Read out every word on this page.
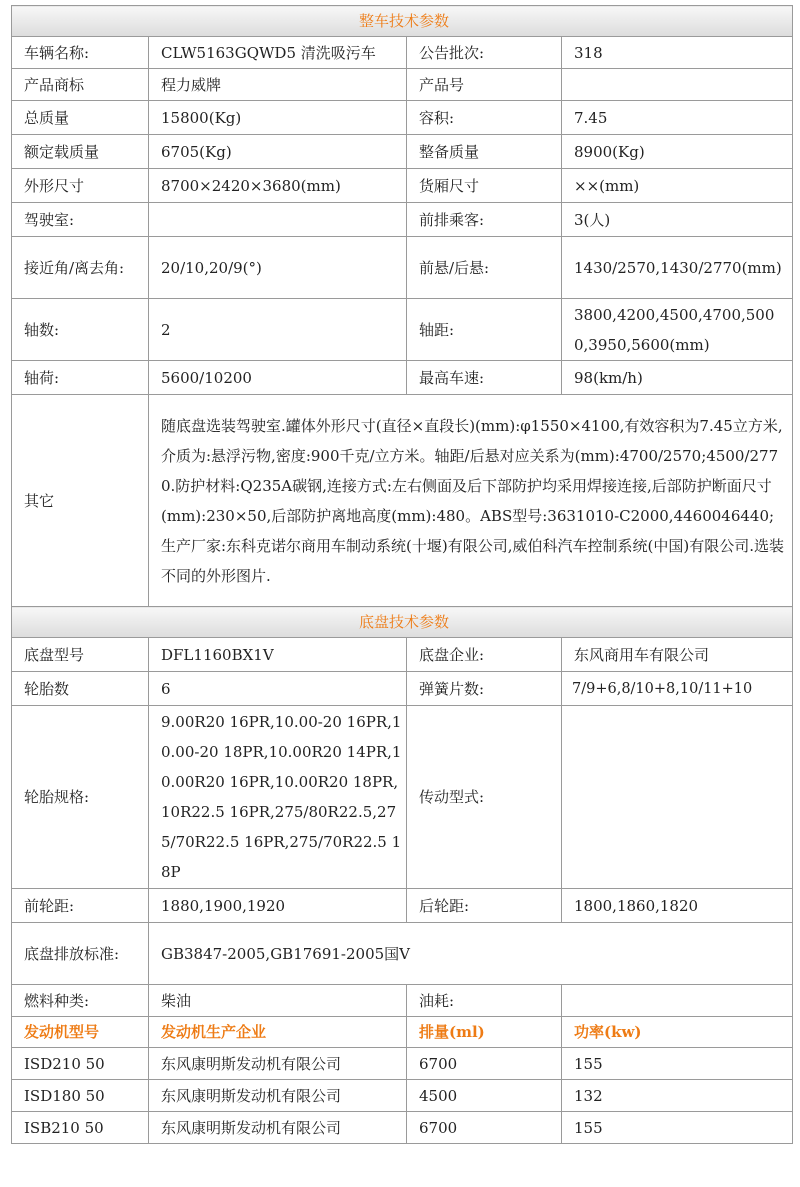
整车技术参数			
车辆名称:	CLW5163GQWD5 清洗吸污车	公告批次:	318
产品商标	程力威牌	产品号	
总质量	15800(Kg)	容积:	7.45
额定载质量	6705(Kg)	整备质量	8900(Kg)
外形尺寸	8700×2420×3680(mm)	货厢尺寸	××(mm)
驾驶室:		前排乘客:	3(人)
接近角/离去角:	20/10,20/9(°)	前悬/后悬:	1430/2570,1430/2770(mm)
轴数:	2	轴距:	3800,4200,4500,4700,5000,3950,5600(mm)
轴荷:	5600/10200	最高车速:	98(km/h)
其它	随底盘选装驾驶室.罐体外形尺寸(直径×直段长)(mm):φ1550×4100,有效容积为7.45立方米,介质为:悬浮污物,密度:900千克/立方米。轴距/后悬对应关系为(mm):4700/2570;4500/2770.防护材料:Q235A碳钢,连接方式:左右侧面及后下部防护均采用焊接连接,后部防护断面尺寸(mm):230×50,后部防护离地高度(mm):480。ABS型号:3631010-C2000,4460046440;生产厂家:东科克诺尔商用车制动系统(十堰)有限公司,威伯科汽车控制系统(中国)有限公司.选装不同的外形图片.		
底盘技术参数			
底盘型号	DFL1160BX1V	底盘企业:	东风商用车有限公司
轮胎数	6	弹簧片数:	7/9+6,8/10+8,10/11+10
轮胎规格:	9.00R20 16PR,10.00-20 16PR,10.00-20 18PR,10.00R20 14PR,10.00R20 16PR,10.00R20 18PR,10R22.5 16PR,275/80R22.5,275/70R22.5 16PR,275/70R22.5 18P	传动型式:	
前轮距:	1880,1900,1920	后轮距:	1800,1860,1820
底盘排放标准:	GB3847-2005,GB17691-2005国V		
燃料种类:	柴油	油耗:	
发动机型号	发动机生产企业	排量(ml)	功率(kw)
ISD210 50	东风康明斯发动机有限公司	6700	155
ISD180 50	东风康明斯发动机有限公司	4500	132
ISB210 50	东风康明斯发动机有限公司	6700	155
